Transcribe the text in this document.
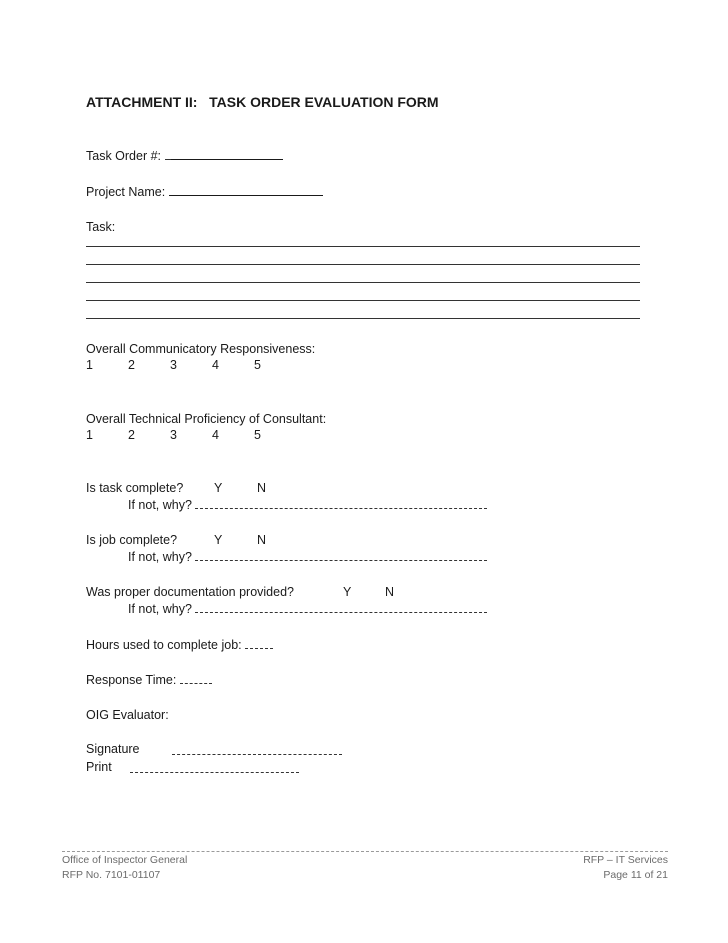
ATTACHMENT II:   TASK ORDER EVALUATION FORM
Task Order #:
Project Name:
Task:
Overall Communicatory Responsiveness:
1	2	3	4	5
Overall Technical Proficiency of Consultant:
1	2	3	4	5
Is task complete? Y	N
If not, why?
Is job complete?	Y	N
If not, why?
Was proper documentation provided?	Y	N
If not, why?
Hours used to complete job:
Response Time:
OIG Evaluator:
Signature
Print
Office of Inspector General
RFP No. 7101-01107
RFP – IT Services
Page 11 of 21
